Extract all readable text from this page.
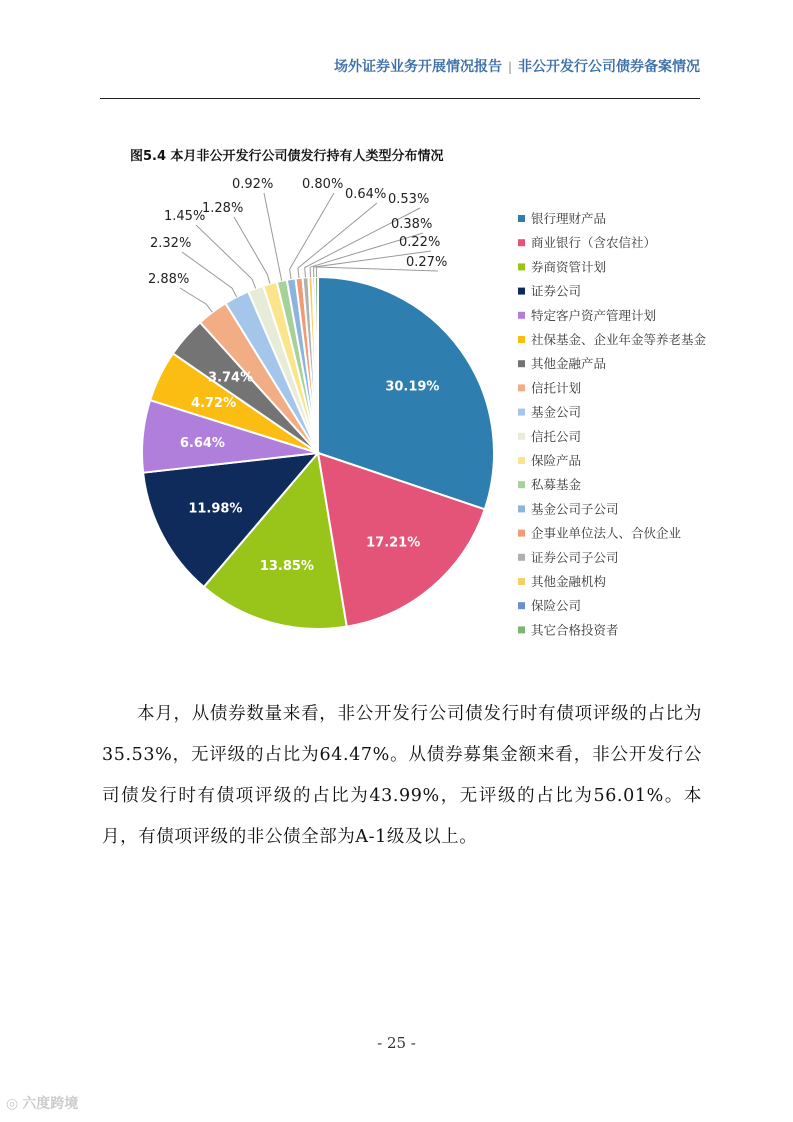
场外证券业务开展情况报告 | 非公开发行公司债券备案情况
图5.4 本月非公开发行公司债发行持有人类型分布情况
30.19%
17.21%
13.85%
11.98%
6.64%
4.72%
3.74%
2.88%
2.32%
1.45%
1.28%
0.92% 0.80%
0.64% 0.53%
0.38%
0.22%
0.27%
银行理财产品
商业银行（含农信社）
券商资管计划
证券公司
特定客户资产管理计划
社保基金、企业年金等养老基金
其他金融产品
信托计划
基金公司
信托公司
保险产品
私募基金
基金公司子公司
企事业单位法人、合伙企业
证券公司子公司
其他金融机构
保险公司
其它合格投资者
本月，从债券数量来看，非公开发行公司债发行时有债项评级的占比为35.53%，无评级的占比为64.47%。从债券募集金额来看，非公开发行公司债发行时有债项评级的占比为43.99%，无评级的占比为56.01%。本月，有债项评级的非公债全部为A-1级及以上。
- 25 -
◎ 六度跨境
